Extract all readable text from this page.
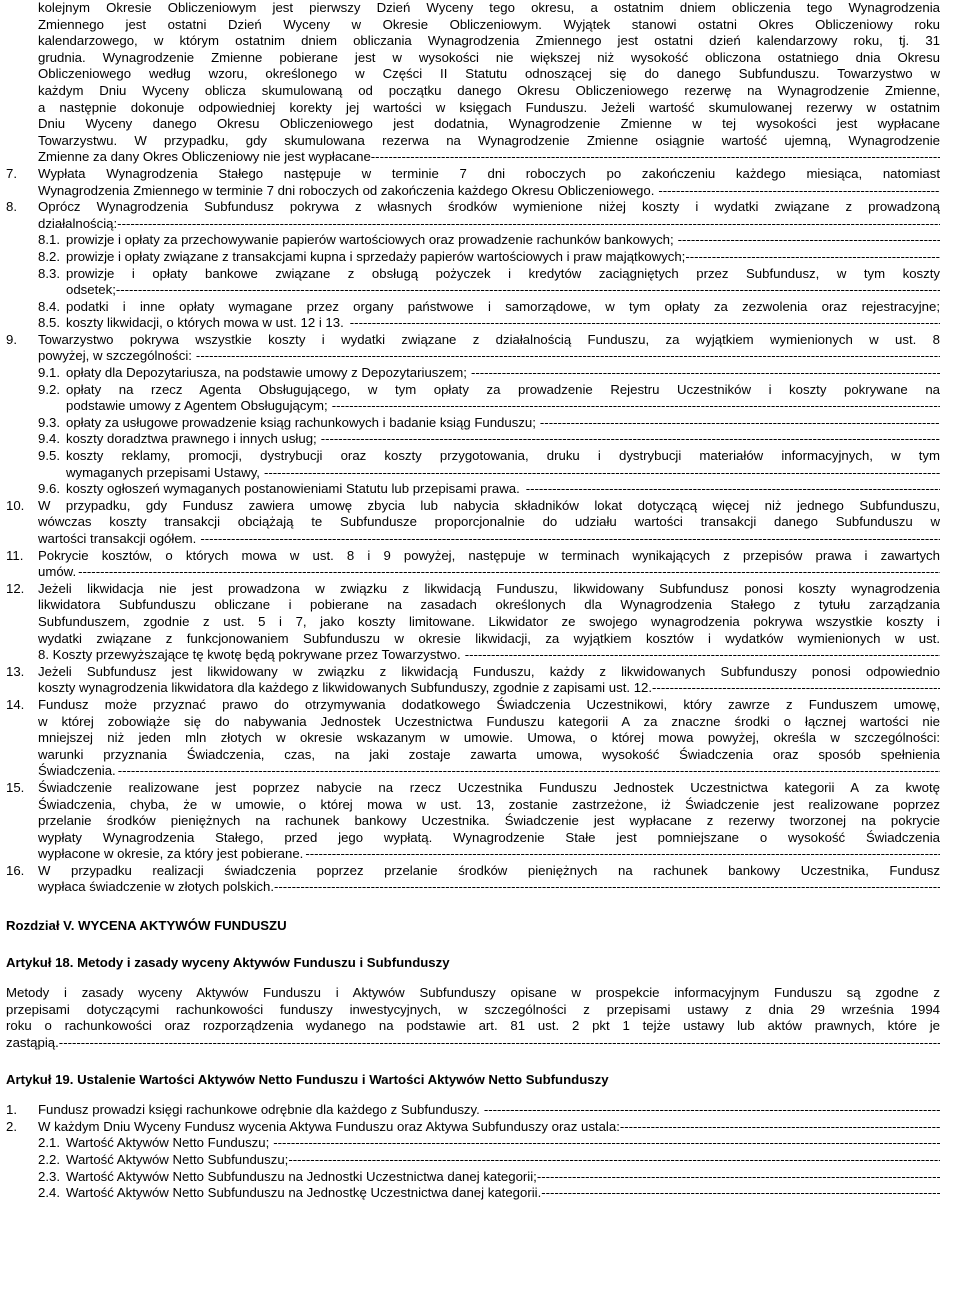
kolejnym Okresie Obliczeniowym jest pierwszy Dzień Wyceny tego okresu, a ostatnim dniem obliczenia tego Wynagrodzenia
Zmiennego jest ostatni Dzień Wyceny w Okresie Obliczeniowym. Wyjątek stanowi ostatni Okres Obliczeniowy roku
kalendarzowego, w którym ostatnim dniem obliczania Wynagrodzenia Zmiennego jest ostatni dzień kalendarzowy roku, tj. 31
grudnia. Wynagrodzenie Zmienne pobierane jest w wysokości nie większej niż wysokość obliczona ostatniego dnia Okresu
Obliczeniowego według wzoru, określonego w Części II Statutu odnoszącej się do danego Subfunduszu. Towarzystwo w
każdym Dniu Wyceny oblicza skumulowaną od początku danego Okresu Obliczeniowego rezerwę na Wynagrodzenie Zmienne,
a następnie dokonuje odpowiedniej korekty jej wartości w księgach Funduszu. Jeżeli wartość skumulowanej rezerwy w ostatnim
Dniu Wyceny danego Okresu Obliczeniowego jest dodatnia, Wynagrodzenie Zmienne w tej wysokości jest wypłacane
Towarzystwu. W przypadku, gdy skumulowana rezerwa na Wynagrodzenie Zmienne osiągnie wartość ujemną, Wynagrodzenie
Zmienne za dany Okres Obliczeniowy nie jest wypłacane
-----
7.	Wypłata Wynagrodzenia Stałego następuje w terminie 7 dni roboczych po zakończeniu każdego miesiąca, natomiast
Wynagrodzenia Zmiennego w terminie 7 dni roboczych od zakończenia każdego Okresu Obliczeniowego.
-----
8.	Oprócz Wynagrodzenia Subfundusz pokrywa z własnych środków wymienione niżej koszty i wydatki związane z prowadzoną
działalnością:
-----
8.1. prowizje i opłaty za przechowywanie papierów wartościowych oraz prowadzenie rachunków bankowych;
-----
8.2. prowizje i opłaty związane z transakcjami kupna i sprzedaży papierów wartościowych i praw majątkowych;
-----
8.3. prowizje i opłaty bankowe związane z obsługą pożyczek i kredytów zaciągniętych przez Subfundusz, w tym koszty
odsetek;
-----
8.4. podatki i inne opłaty wymagane przez organy państwowe i samorządowe, w tym opłaty za zezwolenia oraz rejestracyjne;
8.5. koszty likwidacji, o których mowa w ust. 12 i 13.
-----
9.	Towarzystwo pokrywa wszystkie koszty i wydatki związane z działalnością Funduszu, za wyjątkiem wymienionych w ust. 8
powyżej, w szczególności:
-----
9.1. opłaty dla Depozytariusza, na podstawie umowy z Depozytariuszem;
-----
9.2. opłaty na rzecz Agenta Obsługującego, w tym opłaty za prowadzenie Rejestru Uczestników i koszty pokrywane na
podstawie umowy z Agentem Obsługującym;
-----
9.3. opłaty za usługowe prowadzenie ksiąg rachunkowych i badanie ksiąg Funduszu;
-----
9.4. koszty doradztwa prawnego i innych usług;
-----
9.5. koszty reklamy, promocji, dystrybucji oraz koszty przygotowania, druku i dystrybucji materiałów informacyjnych, w tym
wymaganych przepisami Ustawy,
-----
9.6. koszty ogłoszeń wymaganych postanowieniami Statutu lub przepisami prawa.
-----
10.	W przypadku, gdy Fundusz zawiera umowę zbycia lub nabycia składników lokat dotyczącą więcej niż jednego Subfunduszu,
wówczas koszty transakcji obciążają te Subfundusze proporcjonalnie do udziału wartości transakcji danego Subfunduszu w
wartości transakcji ogółem.
-----
11.	Pokrycie kosztów, o których mowa w ust. 8 i 9 powyżej, następuje w terminach wynikających z przepisów prawa i zawartych
umów.
-----
12.	Jeżeli likwidacja nie jest prowadzona w związku z likwidacją Funduszu, likwidowany Subfundusz ponosi koszty wynagrodzenia
likwidatora Subfunduszu obliczane i pobierane na zasadach określonych dla Wynagrodzenia Stałego z tytułu zarządzania
Subfunduszem, zgodnie z ust. 5 i 7, jako koszty limitowane. Likwidator ze swojego wynagrodzenia pokrywa wszystkie koszty i
wydatki związane z funkcjonowaniem Subfunduszu w okresie likwidacji, za wyjątkiem kosztów i wydatków wymienionych w ust.
8. Koszty przewyższające tę kwotę będą pokrywane przez Towarzystwo.
-----
13.	Jeżeli Subfundusz jest likwidowany w związku z likwidacją Funduszu, każdy z likwidowanych Subfunduszy ponosi odpowiednio
koszty wynagrodzenia likwidatora dla każdego z likwidowanych Subfunduszy, zgodnie z zapisami ust. 12.
-----
14.	Fundusz może przyznać prawo do otrzymywania dodatkowego Świadczenia Uczestnikowi, który zawrze z Funduszem umowę,
w której zobowiąże się do nabywania Jednostek Uczestnictwa Funduszu kategorii A za znaczne środki o łącznej wartości nie
mniejszej niż jeden mln złotych w okresie wskazanym w umowie. Umowa, o której mowa powyżej, określa w szczególności:
warunki przyznania Świadczenia, czas, na jaki zostaje zawarta umowa, wysokość Świadczenia oraz sposób spełnienia
Świadczenia.
-----
15.	Świadczenie realizowane jest poprzez nabycie na rzecz Uczestnika Funduszu Jednostek Uczestnictwa kategorii A za kwotę
Świadczenia, chyba, że w umowie, o której mowa w ust. 13, zostanie zastrzeżone, iż Świadczenie jest realizowane poprzez
przelanie środków pieniężnych na rachunek bankowy Uczestnika. Świadczenie jest wypłacane z rezerwy tworzonej na pokrycie
wypłaty Wynagrodzenia Stałego, przed jego wypłatą. Wynagrodzenie Stałe jest pomniejszane o wysokość Świadczenia
wypłacone w okresie, za który jest pobierane.
-----
16.	W przypadku realizacji świadczenia poprzez przelanie środków pieniężnych na rachunek bankowy Uczestnika, Fundusz
wypłaca świadczenie w złotych polskich.
-----
Rozdział V. WYCENA AKTYWÓW FUNDUSZU
Artykuł 18. Metody i zasady wyceny Aktywów Funduszu i Subfunduszy
Metody i zasady wyceny Aktywów Funduszu i Aktywów Subfunduszy opisane w prospekcie informacyjnym Funduszu są zgodne z
przepisami dotyczącymi rachunkowości funduszy inwestycyjnych, w szczególności z przepisami ustawy z dnia 29 września 1994
roku o rachunkowości oraz rozporządzenia wydanego na podstawie art. 81 ust. 2 pkt 1 tejże ustawy lub aktów prawnych, które je
zastąpią.
-----
Artykuł 19. Ustalenie Wartości Aktywów Netto Funduszu i Wartości Aktywów Netto Subfunduszy
1.	Fundusz prowadzi księgi rachunkowe odrębnie dla każdego z Subfunduszy.
-----
2.	W każdym Dniu Wyceny Fundusz wycenia Aktywa Funduszu oraz Aktywa Subfunduszy oraz ustala:
-----
2.1. Wartość Aktywów Netto Funduszu;
-----
2.2. Wartość Aktywów Netto Subfunduszu;
-----
2.3. Wartość Aktywów Netto Subfunduszu na Jednostki Uczestnictwa danej kategorii;
-----
2.4. Wartość Aktywów Netto Subfunduszu na Jednostkę Uczestnictwa danej kategorii.
-----
